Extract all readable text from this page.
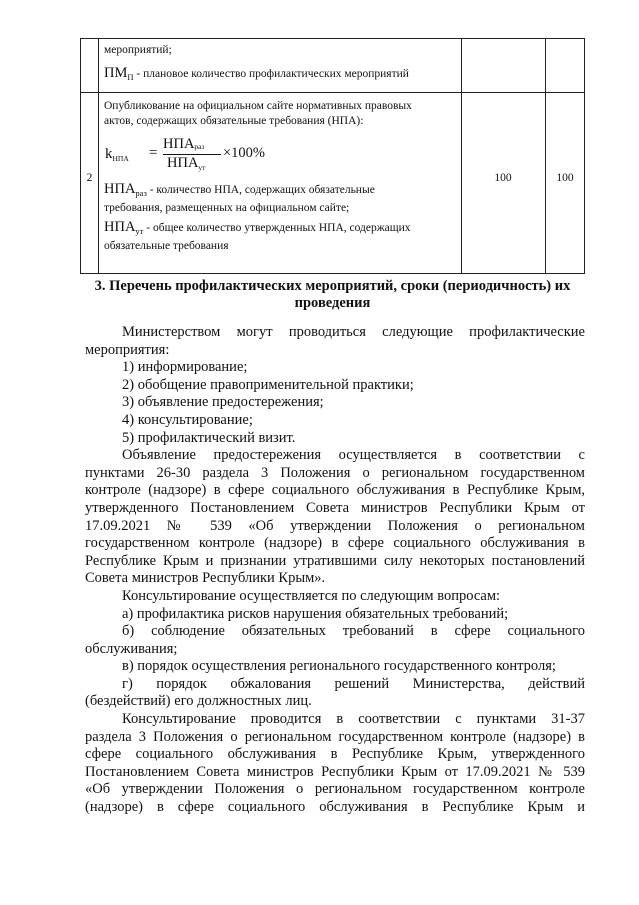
мероприятий;
$ПМ_П$ - плановое количество профилактических мероприятий
2
Опубликование на официальном сайте нормативных правовых
актов, содержащих обязательные требования (НПА):
$k_{НПА}$ =
НПАраз
$НПА_{ут}$
×100%
$НПА_{раз}$ - количество НПА, содержащих обязательные
требования, размещенных на официальном сайте;
$НПА_{ут}$ - общее количество утвержденных НПА, содержащих
обязательные требования
100	100
3. Перечень профилактических мероприятий, сроки (периодичность) их
проведения

Министерством могут проводиться следующие профилактические

мероприятия:

1) информирование;

2) обобщение правоприменительной практики;

3) объявление предостережения;

4) консультирование;

5) профилактический визит.

Объявление предостережения осуществляется в соответствии с

пунктами 26-30 раздела 3 Положения о региональном государственном

контроле (надзоре) в сфере социального обслуживания в Республике Крым,

утвержденного Постановлением Совета министров Республики Крым от

17.09.2021 № 539 «Об утверждении Положения о региональном

государственном контроле (надзоре) в сфере социального обслуживания в

Республике Крым и признании утратившими силу некоторых постановлений

Совета министров Республики Крым».

Консультирование осуществляется по следующим вопросам:

а) профилактика рисков нарушения обязательных требований;

б) соблюдение обязательных требований в сфере социального

обслуживания;

в) порядок осуществления регионального государственного контроля;

г) порядок обжалования решений Министерства, действий

(бездействий) его должностных лиц.

Консультирование проводится в соответствии с пунктами 31-37

раздела 3 Положения о региональном государственном контроле (надзоре) в

сфере социального обслуживания в Республике Крым, утвержденного

Постановлением Совета министров Республики Крым от 17.09.2021 № 539

«Об утверждении Положения о региональном государственном контроле

(надзоре) в сфере социального обслуживания в Республике Крым и
